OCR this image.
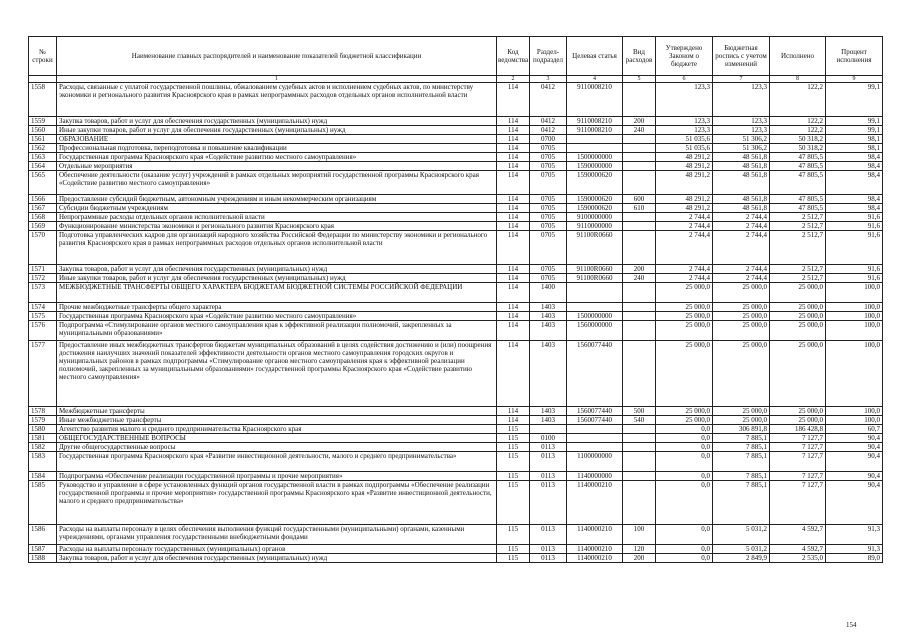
№ строки	Наименование главных распорядителей и наименование показателей бюджетной классификации	Код ведомства	Раздел-подраздел	Целевая статья	Вид расходов	Утверждено Законом о бюджете	Бюджетная роспись с учетом изменений	Исполнено	Процент исполнения
	1	2	3	4	5	6	7	8	9
1558	Расходы, связанные с уплатой государственной пошлины, обжалованием судебных актов и исполнением судебных актов, по министерству экономики и регионального развития Красноярского края в рамках непрограммных расходов отдельных органов исполнительной власти	114	0412	9110008210		123,3	123,3	122,2	99,1
1559	Закупка товаров, работ и услуг для обеспечения государственных (муниципальных) нужд	114	0412	9110008210	200	123,3	123,3	122,2	99,1
1560	Иные закупки товаров, работ и услуг для обеспечения государственных (муниципальных) нужд	114	0412	9110008210	240	123,3	123,3	122,2	99,1
1561	ОБРАЗОВАНИЕ	114	0700			51 035,6	51 306,2	50 318,2	98,1
1562	Профессиональная подготовка, переподготовка и повышение квалификации	114	0705			51 035,6	51 306,2	50 318,2	98,1
1563	Государственная программа Красноярского края «Содействие развитию местного самоуправления»	114	0705	1500000000		48 291,2	48 561,8	47 805,5	98,4
1564	Отдельные мероприятия	114	0705	1590000000		48 291,2	48 561,8	47 805,5	98,4
1565	Обеспечение деятельности (оказание услуг) учреждений в рамках отдельных мероприятий государственной программы Красноярского края «Содействие развитию местного самоуправления»	114	0705	1590000620		48 291,2	48 561,8	47 805,5	98,4
1566	Предоставление субсидий бюджетным, автономным учреждениям и иным некоммерческим организациям	114	0705	1590000620	600	48 291,2	48 561,8	47 805,5	98,4
1567	Субсидии бюджетным учреждениям	114	0705	1590000620	610	48 291,2	48 561,8	47 805,5	98,4
1568	Непрограммные расходы отдельных органов исполнительной власти	114	0705	9100000000		2 744,4	2 744,4	2 512,7	91,6
1569	Функционирование министерства экономики и регионального развития Красноярского края	114	0705	9110000000		2 744,4	2 744,4	2 512,7	91,6
1570	Подготовка управленческих кадров для организаций народного хозяйства Российской Федерации по министерству экономики и регионального развития Красноярского края в рамках непрограммных расходов отдельных органов исполнительной власти	114	0705	91100R0660		2 744,4	2 744,4	2 512,7	91,6
1571	Закупка товаров, работ и услуг для обеспечения государственных (муниципальных) нужд	114	0705	91100R0660	200	2 744,4	2 744,4	2 512,7	91,6
1572	Иные закупки товаров, работ и услуг для обеспечения государственных (муниципальных) нужд	114	0705	91100R0660	240	2 744,4	2 744,4	2 512,7	91,6
1573	МЕЖБЮДЖЕТНЫЕ ТРАНСФЕРТЫ ОБЩЕГО ХАРАКТЕРА БЮДЖЕТАМ БЮДЖЕТНОЙ СИСТЕМЫ РОССИЙСКОЙ ФЕДЕРАЦИИ	114	1400			25 000,0	25 000,0	25 000,0	100,0
1574	Прочие межбюджетные трансферты общего характера	114	1403			25 000,0	25 000,0	25 000,0	100,0
1575	Государственная программа Красноярского края «Содействие развитию местного самоуправления»	114	1403	1500000000		25 000,0	25 000,0	25 000,0	100,0
1576	Подпрограмма «Стимулирование органов местного самоуправления края к эффективной реализации полномочий, закрепленных за муниципальными образованиями»	114	1403	1560000000		25 000,0	25 000,0	25 000,0	100,0
1577	Предоставление иных межбюджетных трансфертов бюджетам муниципальных образований в целях содействия достижению и (или) поощрения достижения наилучших значений показателей эффективности деятельности органов местного самоуправления городских округов и муниципальных районов в рамках подпрограммы «Стимулирование органов местного самоуправления края к эффективной реализации полномочий, закрепленных за муниципальными образованиями» государственной программы Красноярского края «Содействие развитию местного самоуправления»	114	1403	1560077440		25 000,0	25 000,0	25 000,0	100,0
1578	Межбюджетные трансферты	114	1403	1560077440	500	25 000,0	25 000,0	25 000,0	100,0
1579	Иные межбюджетные трансферты	114	1403	1560077440	540	25 000,0	25 000,0	25 000,0	100,0
1580	Агентство развития малого и среднего предпринимательства Красноярского края	115				0,0	306 891,8	186 428,8	60,7
1581	ОБЩЕГОСУДАРСТВЕННЫЕ ВОПРОСЫ	115	0100			0,0	7 885,1	7 127,7	90,4
1582	Другие общегосударственные вопросы	115	0113			0,0	7 885,1	7 127,7	90,4
1583	Государственная программа Красноярского края «Развитие инвестиционной деятельности, малого и среднего предпринимательства»	115	0113	1100000000		0,0	7 885,1	7 127,7	90,4
1584	Подпрограмма «Обеспечение реализации государственной программы и прочие мероприятия»	115	0113	1140000000		0,0	7 885,1	7 127,7	90,4
1585	Руководство и управление в сфере установленных функций органов государственной власти в рамках подпрограммы «Обеспечение реализации государственной программы и прочие мероприятия» государственной программы Красноярского края «Развитие инвестиционной деятельности, малого и среднего предпринимательства»	115	0113	1140000210		0,0	7 885,1	7 127,7	90,4
1586	Расходы на выплаты персоналу в целях обеспечения выполнения функций государственными (муниципальными) органами, казенными учреждениями, органами управления государственными внебюджетными фондами	115	0113	1140000210	100	0,0	5 031,2	4 592,7	91,3
1587	Расходы на выплаты персоналу государственных (муниципальных) органов	115	0113	1140000210	120	0,0	5 031,2	4 592,7	91,3
1588	Закупка товаров, работ и услуг для обеспечения государственных (муниципальных) нужд	115	0113	1140000210	200	0,0	2 849,9	2 535,0	89,0
154
